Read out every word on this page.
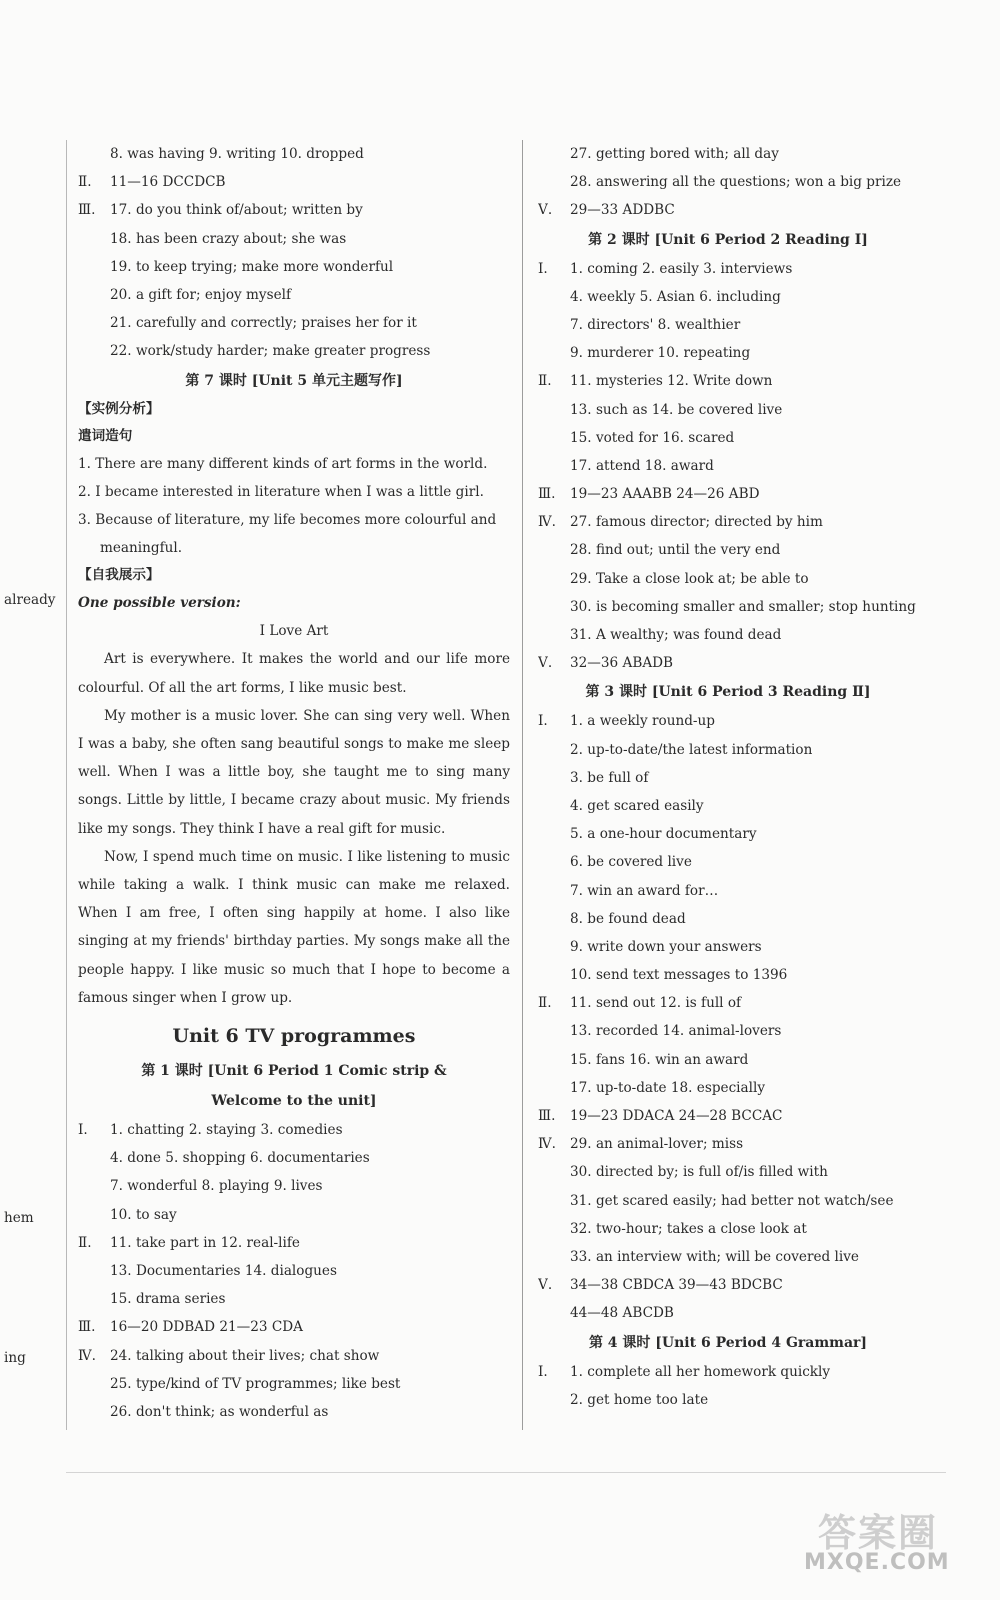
already
hem
ing
8. was having 9. writing 10. dropped
Ⅱ. 11—16 DCCDCB
Ⅲ. 17. do you think of/about; written by
18. has been crazy about; she was
19. to keep trying; make more wonderful
20. a gift for; enjoy myself
21. carefully and correctly; praises her for it
22. work/study harder; make greater progress
第 7 课时 [Unit 5 单元主题写作]
【实例分析】
遣词造句
1. There are many different kinds of art forms in the world.
2. I became interested in literature when I was a little girl.
3. Because of literature, my life becomes more colourful and
meaningful.
【自我展示】
One possible version:

I Love Art

Art is everywhere. It makes the world and our life more colourful. Of all the art forms, I like music best.

My mother is a music lover. She can sing very well. When I was a baby, she often sang beautiful songs to make me sleep well. When I was a little boy, she taught me to sing many songs. Little by little, I became crazy about music. My friends like my songs. They think I have a real gift for music.

Now, I spend much time on music. I like listening to music while taking a walk. I think music can make me relaxed. When I am free, I often sing happily at home. I also like singing at my friends' birthday parties. My songs make all the people happy. I like music so much that I hope to become a famous singer when I grow up.

Unit 6 TV programmes
第 1 课时 [Unit 6 Period 1 Comic strip &
Welcome to the unit]
Ⅰ. 1. chatting 2. staying 3. comedies
4. done 5. shopping 6. documentaries
7. wonderful 8. playing 9. lives
10. to say
Ⅱ. 11. take part in 12. real-life
13. Documentaries 14. dialogues
15. drama series
Ⅲ. 16—20 DDBAD 21—23 CDA
Ⅳ. 24. talking about their lives; chat show
25. type/kind of TV programmes; like best
26. don't think; as wonderful as
27. getting bored with; all day
28. answering all the questions; won a big prize
Ⅴ. 29—33 ADDBC
第 2 课时 [Unit 6 Period 2 Reading Ⅰ]
Ⅰ. 1. coming 2. easily 3. interviews
4. weekly 5. Asian 6. including
7. directors' 8. wealthier
9. murderer 10. repeating
Ⅱ. 11. mysteries 12. Write down
13. such as 14. be covered live
15. voted for 16. scared
17. attend 18. award
Ⅲ. 19—23 AAABB 24—26 ABD
Ⅳ. 27. famous director; directed by him
28. find out; until the very end
29. Take a close look at; be able to
30. is becoming smaller and smaller; stop hunting
31. A wealthy; was found dead
Ⅴ. 32—36 ABADB
第 3 课时 [Unit 6 Period 3 Reading Ⅱ]
Ⅰ. 1. a weekly round-up
2. up-to-date/the latest information
3. be full of
4. get scared easily
5. a one-hour documentary
6. be covered live
7. win an award for…
8. be found dead
9. write down your answers
10. send text messages to 1396
Ⅱ. 11. send out 12. is full of
13. recorded 14. animal-lovers
15. fans 16. win an award
17. up-to-date 18. especially
Ⅲ. 19—23 DDACA 24—28 BCCAC
Ⅳ. 29. an animal-lover; miss
30. directed by; is full of/is filled with
31. get scared easily; had better not watch/see
32. two-hour; takes a close look at
33. an interview with; will be covered live
Ⅴ. 34—38 CBDCA 39—43 BDCBC
44—48 ABCDB
第 4 课时 [Unit 6 Period 4 Grammar]
Ⅰ. 1. complete all her homework quickly
2. get home too late
答案圈
MXQE.COM
